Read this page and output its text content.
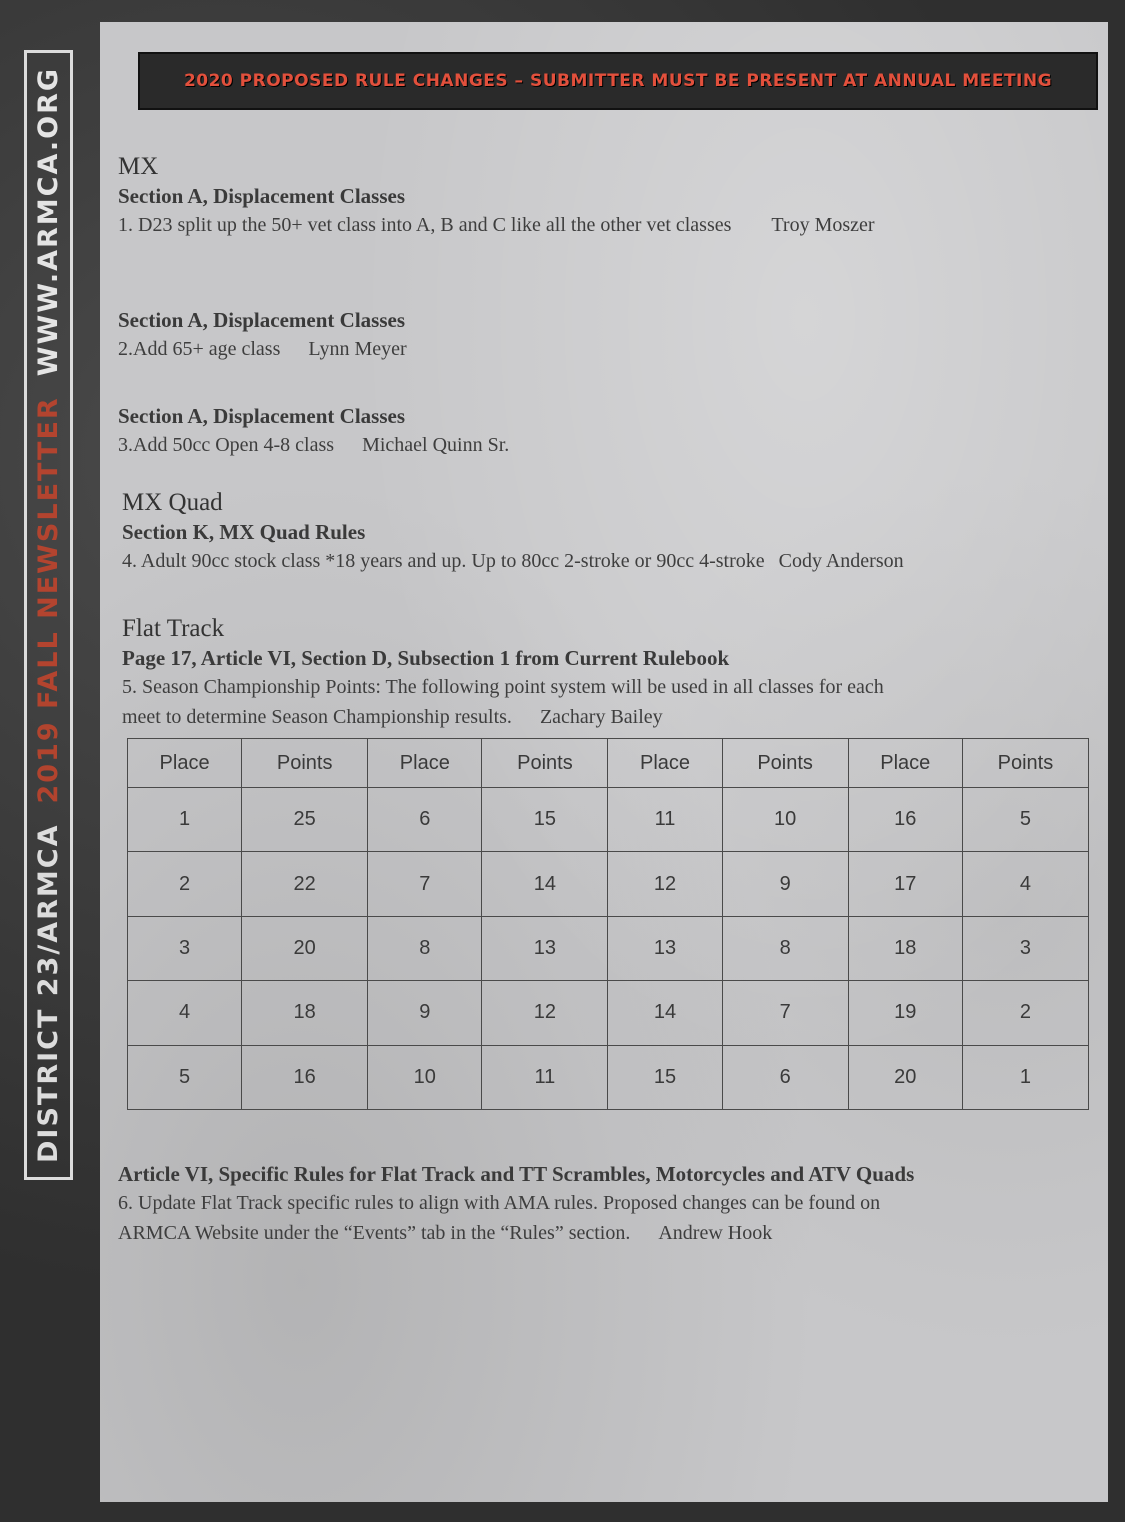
DISTRICT 23/ARMCA
2019 FALL NEWSLETTER
WWW.ARMCA.ORG	2020 PROPOSED RULE CHANGES – SUBMITTER MUST BE PRESENT AT ANNUAL MEETING

MX

Section A, Displacement Classes

1. D23 split up the 50+ vet class into A, B and C like all the other vet classes Troy Moszer

Section A, Displacement Classes

2.Add 65+ age class Lynn Meyer

Section A, Displacement Classes

3.Add 50cc Open 4-8 class Michael Quinn Sr.

MX Quad

Section K, MX Quad Rules

4. Adult 90cc stock class *18 years and up. Up to 80cc 2-stroke or 90cc 4-stroke Cody Anderson

Flat Track

Page 17, Article VI, Section D, Subsection 1 from Current Rulebook

5. Season Championship Points: The following point system will be used in all classes for each

meet to determine Season Championship results. Zachary Bailey

Place	Points	Place	Points	Place	Points	Place	Points
1	25	6	15	11	10	16	5
2	22	7	14	12	9	17	4
3	20	8	13	13	8	18	3
4	18	9	12	14	7	19	2
5	16	10	11	15	6	20	1

Article VI, Specific Rules for Flat Track and TT Scrambles, Motorcycles and ATV Quads

6. Update Flat Track specific rules to align with AMA rules. Proposed changes can be found on

ARMCA Website under the “Events” tab in the “Rules” section. Andrew Hook
